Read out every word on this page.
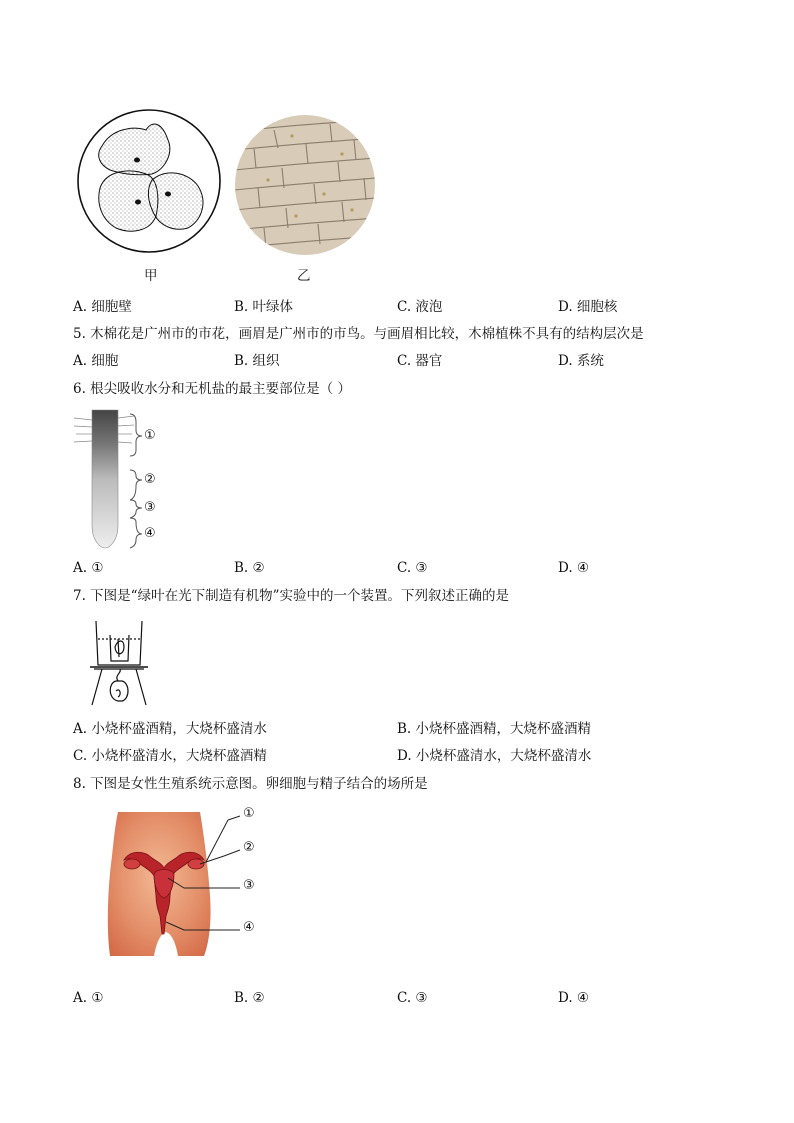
甲	乙
A. 细胞壁	B. 叶绿体	C. 液泡	D. 细胞核
5. 木棉花是广州市的市花，画眉是广州市的市鸟。与画眉相比较，木棉植株不具有的结构层次是
A. 细胞	B. 组织	C. 器官	D. 系统
6. 根尖吸收水分和无机盐的最主要部位是（ ）
①
②
③
④
A. ①	B. ②	C. ③	D. ④
7. 下图是“绿叶在光下制造有机物”实验中的一个装置。下列叙述正确的是
A. 小烧杯盛酒精，大烧杯盛清水	B. 小烧杯盛酒精，大烧杯盛酒精
C. 小烧杯盛清水，大烧杯盛酒精	D. 小烧杯盛清水，大烧杯盛清水
8. 下图是女性生殖系统示意图。卵细胞与精子结合的场所是
①
②
③
④
A. ①	B. ②	C. ③	D. ④
